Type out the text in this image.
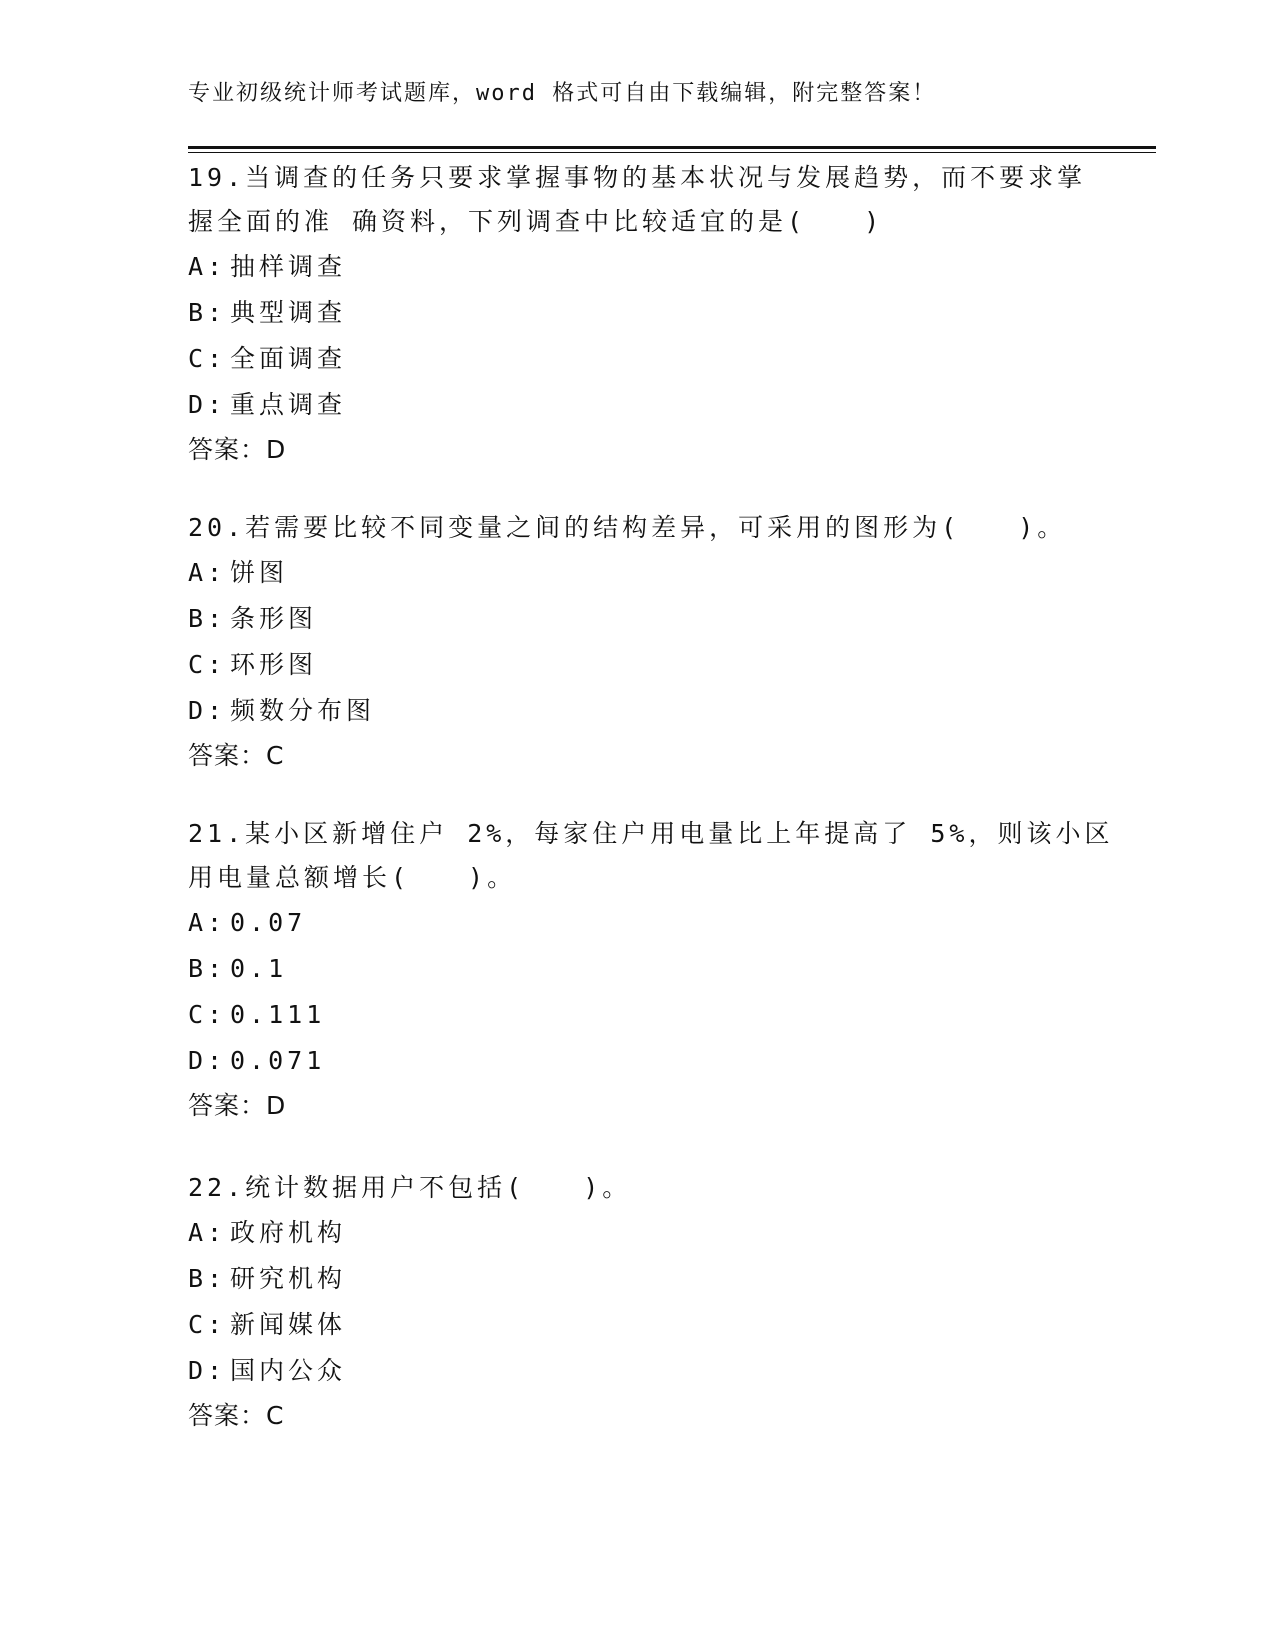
专业初级统计师考试题库，word 格式可自由下载编辑，附完整答案！
19.当调查的任务只要求掌握事物的基本状况与发展趋势，而不要求掌
握全面的准 确资料，下列调查中比较适宜的是(　　)
A: 抽样调查
B: 典型调查
C: 全面调查
D: 重点调查
答案：D
20.若需要比较不同变量之间的结构差异，可采用的图形为(　　)。
A: 饼图
B: 条形图
C: 环形图
D: 频数分布图
答案：C
21.某小区新增住户 2%，每家住户用电量比上年提高了 5%，则该小区
用电量总额增长(　　)。
A: 0.07
B: 0.1
C: 0.111
D: 0.071
答案：D
22.统计数据用户不包括(　　)。
A: 政府机构
B: 研究机构
C: 新闻媒体
D: 国内公众
答案：C
